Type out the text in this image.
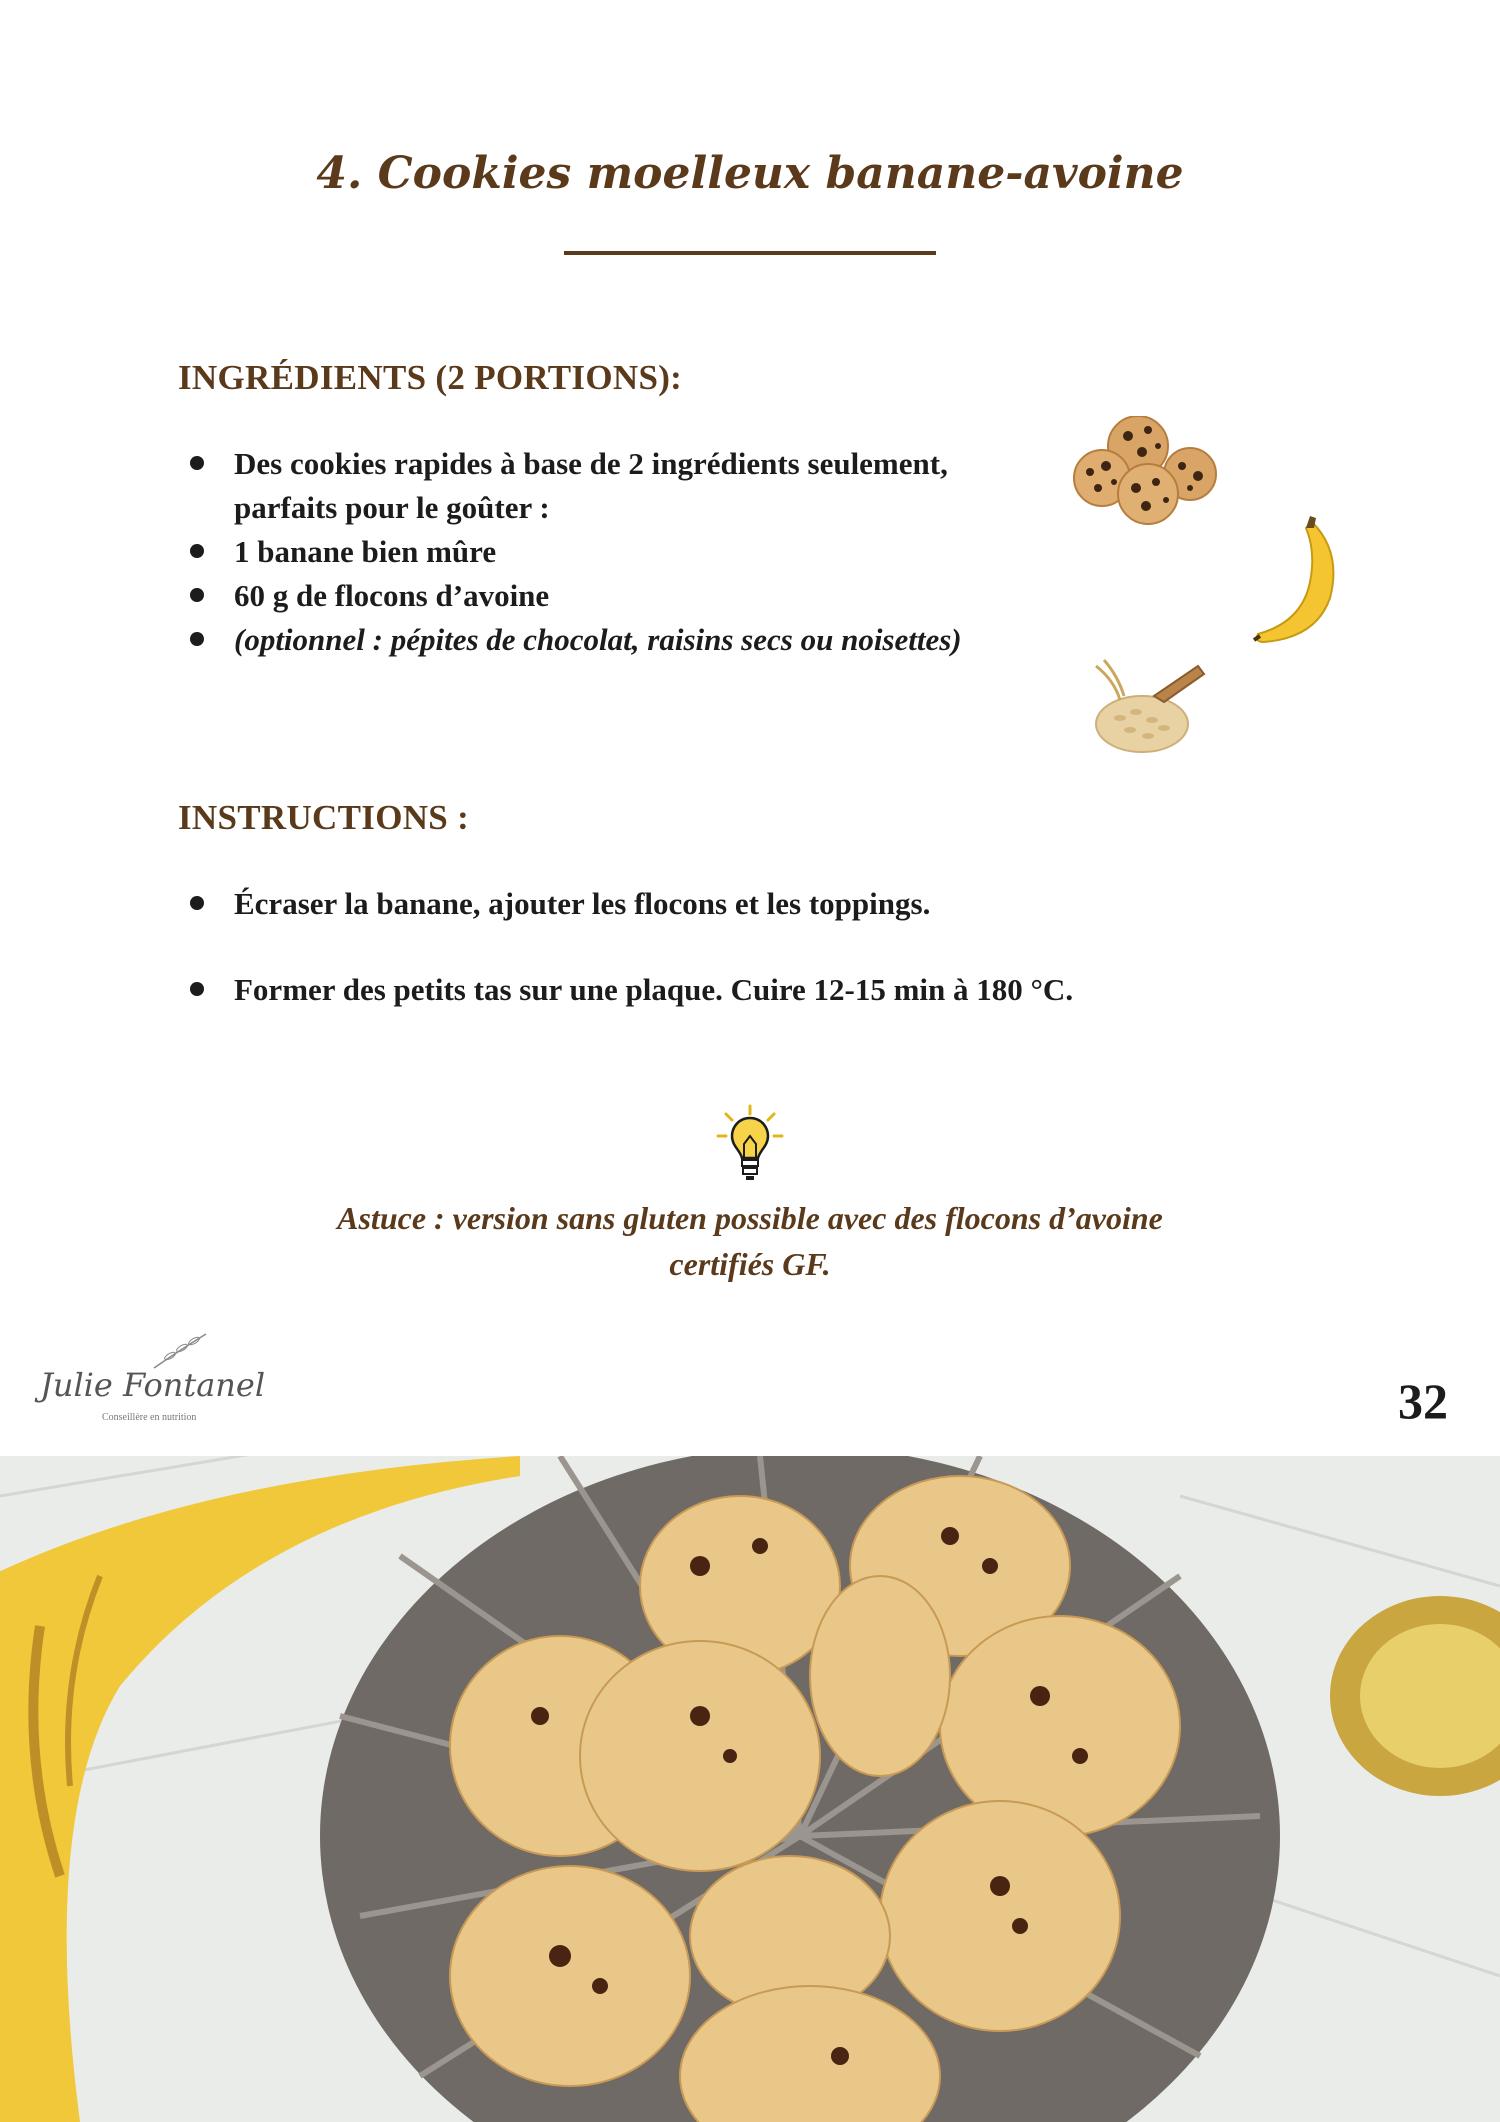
4. Cookies moelleux banane-avoine
INGRÉDIENTS (2 PORTIONS):
Des cookies rapides à base de 2 ingrédients seulement, parfaits pour le goûter :
1 banane bien mûre
60 g de flocons d’avoine
(optionnel : pépites de chocolat, raisins secs ou noisettes)
INSTRUCTIONS :
Écraser la banane, ajouter les flocons et les toppings.
Former des petits tas sur une plaque. Cuire 12-15 min à 180 °C.

Astuce : version sans gluten possible avec des flocons d’avoine certifiés GF.

Julie Fontanel
Conseillère en nutrition	32
